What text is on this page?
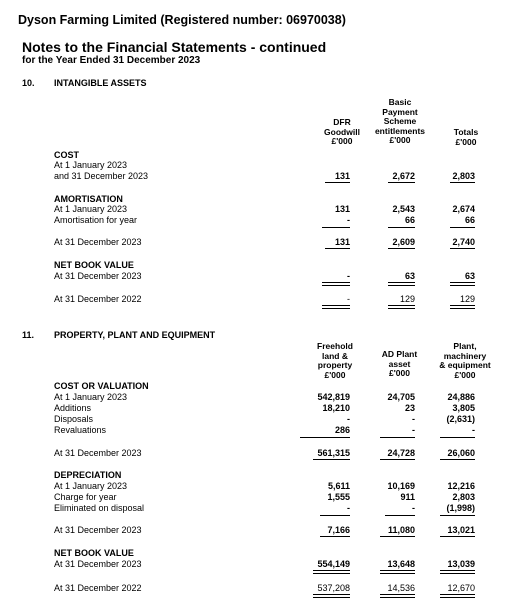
Dyson Farming Limited (Registered number: 06970038)
Notes to the Financial Statements - continued
for the Year Ended 31 December 2023
10. INTANGIBLE ASSETS
DFR
Goodwill
£'000
Basic
Payment
Scheme
entitlements
£'000
Totals
£'000
COST
At 1 January 2023
and 31 December 2023	131	2,672	2,803
AMORTISATION
At 1 January 2023	131	2,543	2,674
Amortisation for year	-	66	66
At 31 December 2023	131	2,609	2,740
NET BOOK VALUE
At 31 December 2023	-	63	63
At 31 December 2022	-	129	129
11. PROPERTY, PLANT AND EQUIPMENT
Freehold
land &
property
£'000
AD Plant
asset
£'000
Plant,
machinery
& equipment
£'000
COST OR VALUATION
At 1 January 2023	542,819	24,705	24,886
Additions	18,210	23	3,805
Disposals	-	-	(2,631)
Revaluations	286	-	-
At 31 December 2023	561,315	24,728	26,060
DEPRECIATION
At 1 January 2023	5,611	10,169	12,216
Charge for year	1,555	911	2,803
Eliminated on disposal	-	-	(1,998)
At 31 December 2023	7,166	11,080	13,021
NET BOOK VALUE
At 31 December 2023	554,149	13,648	13,039
At 31 December 2022	537,208	14,536	12,670
